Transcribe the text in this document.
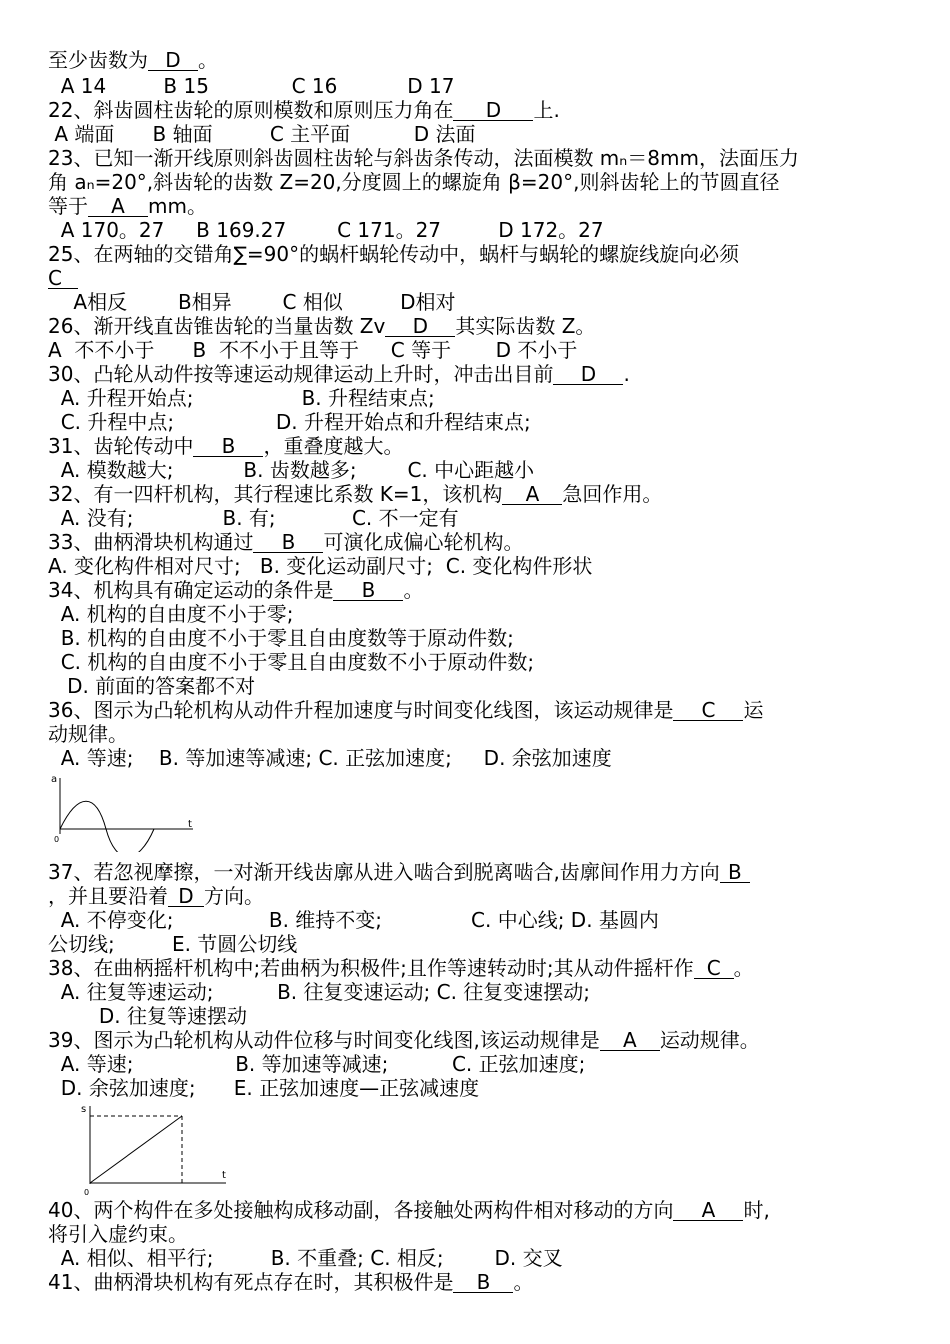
至少齿数为 D 。
A 14         B 15             C 16           D 17
22、斜齿圆柱齿轮的原则模数和原则压力角在 D 上.
A 端面      B 轴面         C 主平面          D 法面
23、已知一渐开线原则斜齿圆柱齿轮与斜齿条传动，法面模数 mₙ＝8mm，法面压力
角 aₙ=20°,斜齿轮的齿数 Z=20,分度圆上的螺旋角 β=20°,则斜齿轮上的节圆直径
等于 A mm。
A 170。27     B 169.27        C 171。27         D 172。27
25、在两轴的交错角∑=90°的蜗杆蜗轮传动中，蜗杆与蜗轮的螺旋线旋向必须
C
A相反        B相异        C 相似         D相对
26、渐开线直齿锥齿轮的当量齿数 Zv D 其实际齿数 Z。
A  不不小于      B  不不小于且等于     C 等于       D 不小于
30、凸轮从动件按等速运动规律运动上升时，冲击出目前 D .
A. 升程开始点;                 B. 升程结束点;
C. 升程中点;                D. 升程开始点和升程结束点;
31、齿轮传动中 B ，重叠度越大。
A. 模数越大;           B. 齿数越多;        C. 中心距越小
32、有一四杆机构，其行程速比系数 K=1，该机构 A 急回作用。
A. 没有;              B. 有;            C. 不一定有
33、曲柄滑块机构通过 B 可演化成偏心轮机构。
A. 变化构件相对尺寸;   B. 变化运动副尺寸;  C. 变化构件形状
34、机构具有确定运动的条件是 B 。
A. 机构的自由度不小于零;
B. 机构的自由度不小于零且自由度数等于原动件数;
C. 机构的自由度不小于零且自由度数不小于原动件数;
D. 前面的答案都不对
36、图示为凸轮机构从动件升程加速度与时间变化线图，该运动规律是 C 运
动规律。
A. 等速;    B. 等加速等减速; C. 正弦加速度;     D. 余弦加速度
a
t
0
37、若忽视摩擦，一对渐开线齿廓从进入啮合到脱离啮合,齿廓间作用力方向 B
，并且要沿着 D 方向。
A. 不停变化;               B. 维持不变;              C. 中心线; D. 基圆内
公切线;         E. 节圆公切线
38、在曲柄摇杆机构中;若曲柄为积极件;且作等速转动时;其从动件摇杆作 C 。
A. 往复等速运动;          B. 往复变速运动; C. 往复变速摆动;
D. 往复等速摆动
39、图示为凸轮机构从动件位移与时间变化线图,该运动规律是 A 运动规律。
A. 等速;                B. 等加速等减速;          C. 正弦加速度;
D. 余弦加速度;      E. 正弦加速度—正弦减速度
s
t
0
40、两个构件在多处接触构成移动副，各接触处两构件相对移动的方向 A 时,
将引入虚约束。
A. 相似、相平行;         B. 不重叠; C. 相反;        D. 交叉
41、曲柄滑块机构有死点存在时，其积极件是 B 。
